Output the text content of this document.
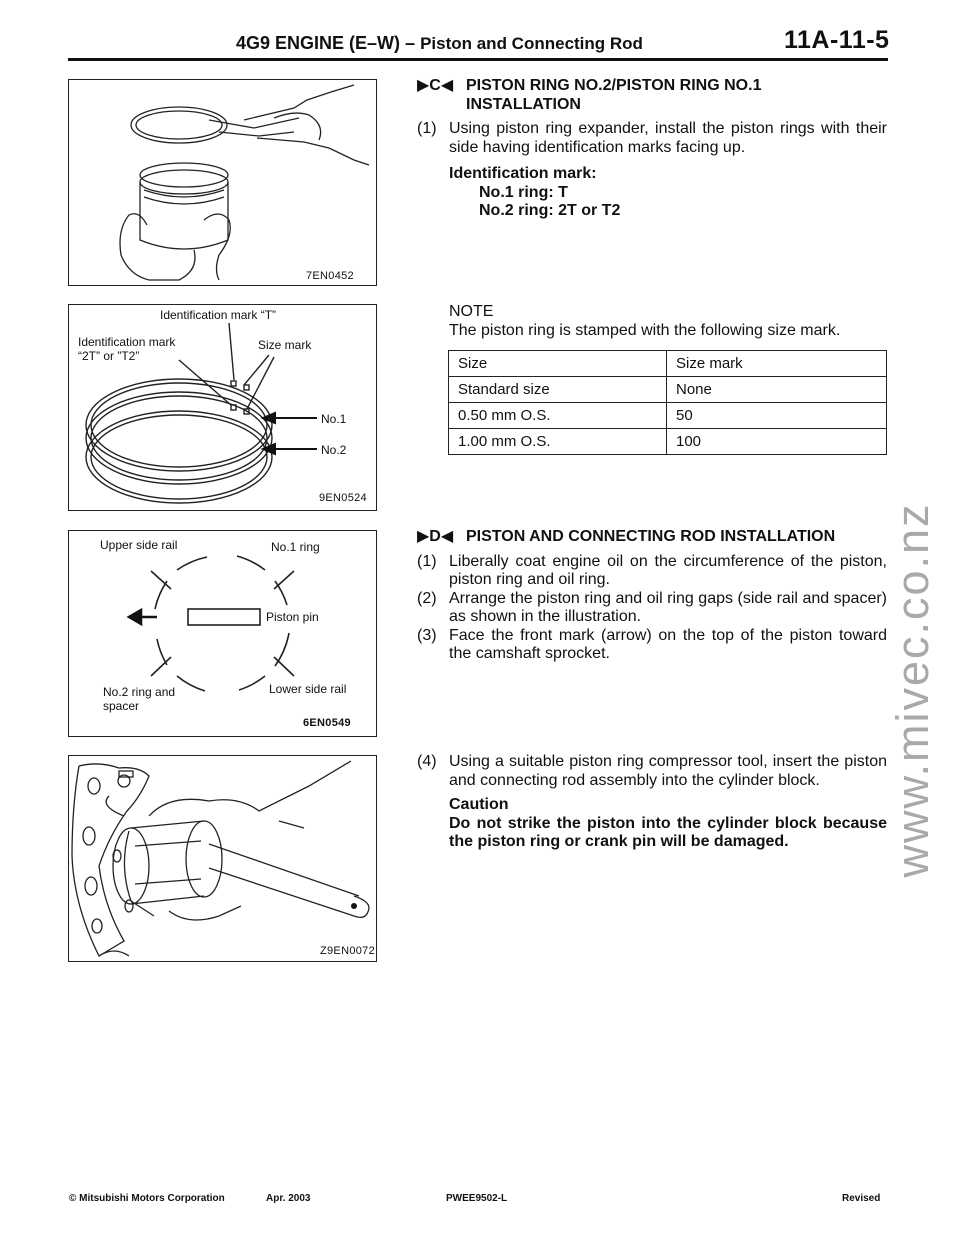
4G9 ENGINE (E–W) – Piston and Connecting Rod	11A-11-5
7EN0452
Identification mark “T”
Identification mark
“2T” or ”T2”
Size mark
No.1
No.2
9EN0524
Upper side rail	No.1 ring
Piston pin
No.2 ring and
spacer
Lower side rail
6EN0549
Z9EN0072
▶C◀ PISTON RING NO.2/PISTON RING NO.1
INSTALLATION
(1) Using piston ring expander, install the piston rings with their side having identification marks facing up.
Identification mark:
No.1 ring: T
No.2 ring: 2T or T2
NOTE
The piston ring is stamped with the following size mark.
Size	Size mark
Standard size	None
0.50 mm O.S.	50
1.00 mm O.S.	100
▶D◀ PISTON AND CONNECTING ROD INSTALLATION
(1) Liberally coat engine oil on the circumference of the piston, piston ring and oil ring.
(2) Arrange the piston ring and oil ring gaps (side rail and spacer) as shown in the illustration.
(3) Face the front mark (arrow) on the top of the piston toward the camshaft sprocket.
(4) Using a suitable piston ring compressor tool, insert the piston and connecting rod assembly into the cylinder block.
Caution
Do not strike the piston into the cylinder block because the piston ring or crank pin will be damaged.	www.mivec.co.nz
© Mitsubishi Motors Corporation	Apr. 2003	PWEE9502-L	Revised
